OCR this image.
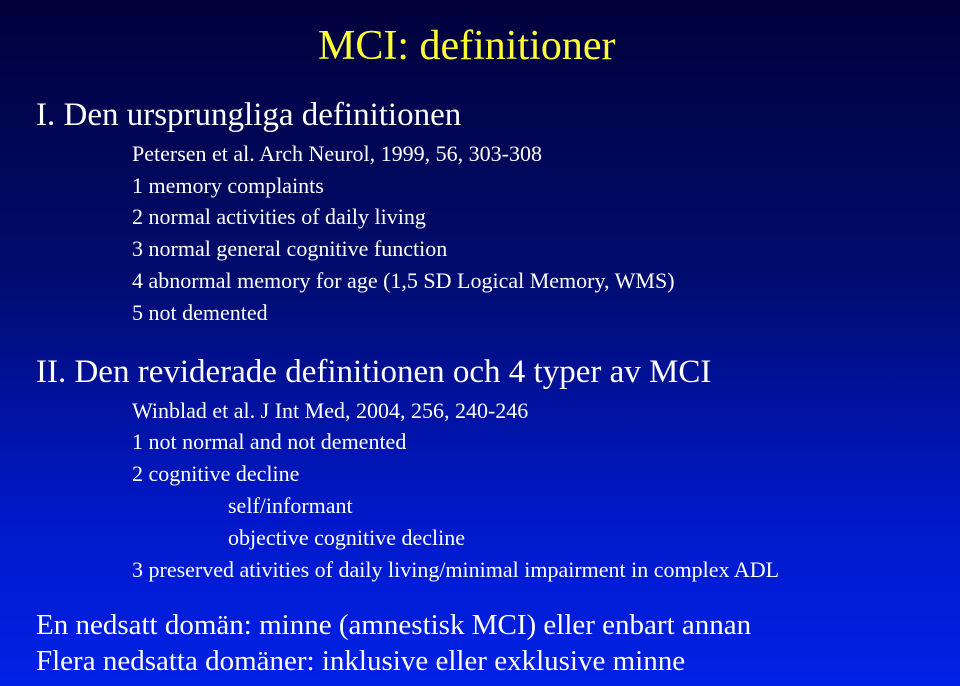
MCI: definitioner
I. Den ursprungliga definitionen
Petersen et al. Arch Neurol, 1999, 56, 303-308
1 memory complaints
2 normal activities of daily living
3 normal general cognitive function
4 abnormal memory for age (1,5 SD Logical Memory, WMS)
5 not demented
II. Den reviderade definitionen och 4 typer av MCI
Winblad et al. J Int Med, 2004, 256, 240-246
1 not normal and not demented
2 cognitive decline
self/informant
objective cognitive decline
3 preserved ativities of daily living/minimal impairment in complex ADL
En nedsatt domän: minne (amnestisk MCI) eller enbart annan
Flera nedsatta domäner: inklusive eller exklusive minne
